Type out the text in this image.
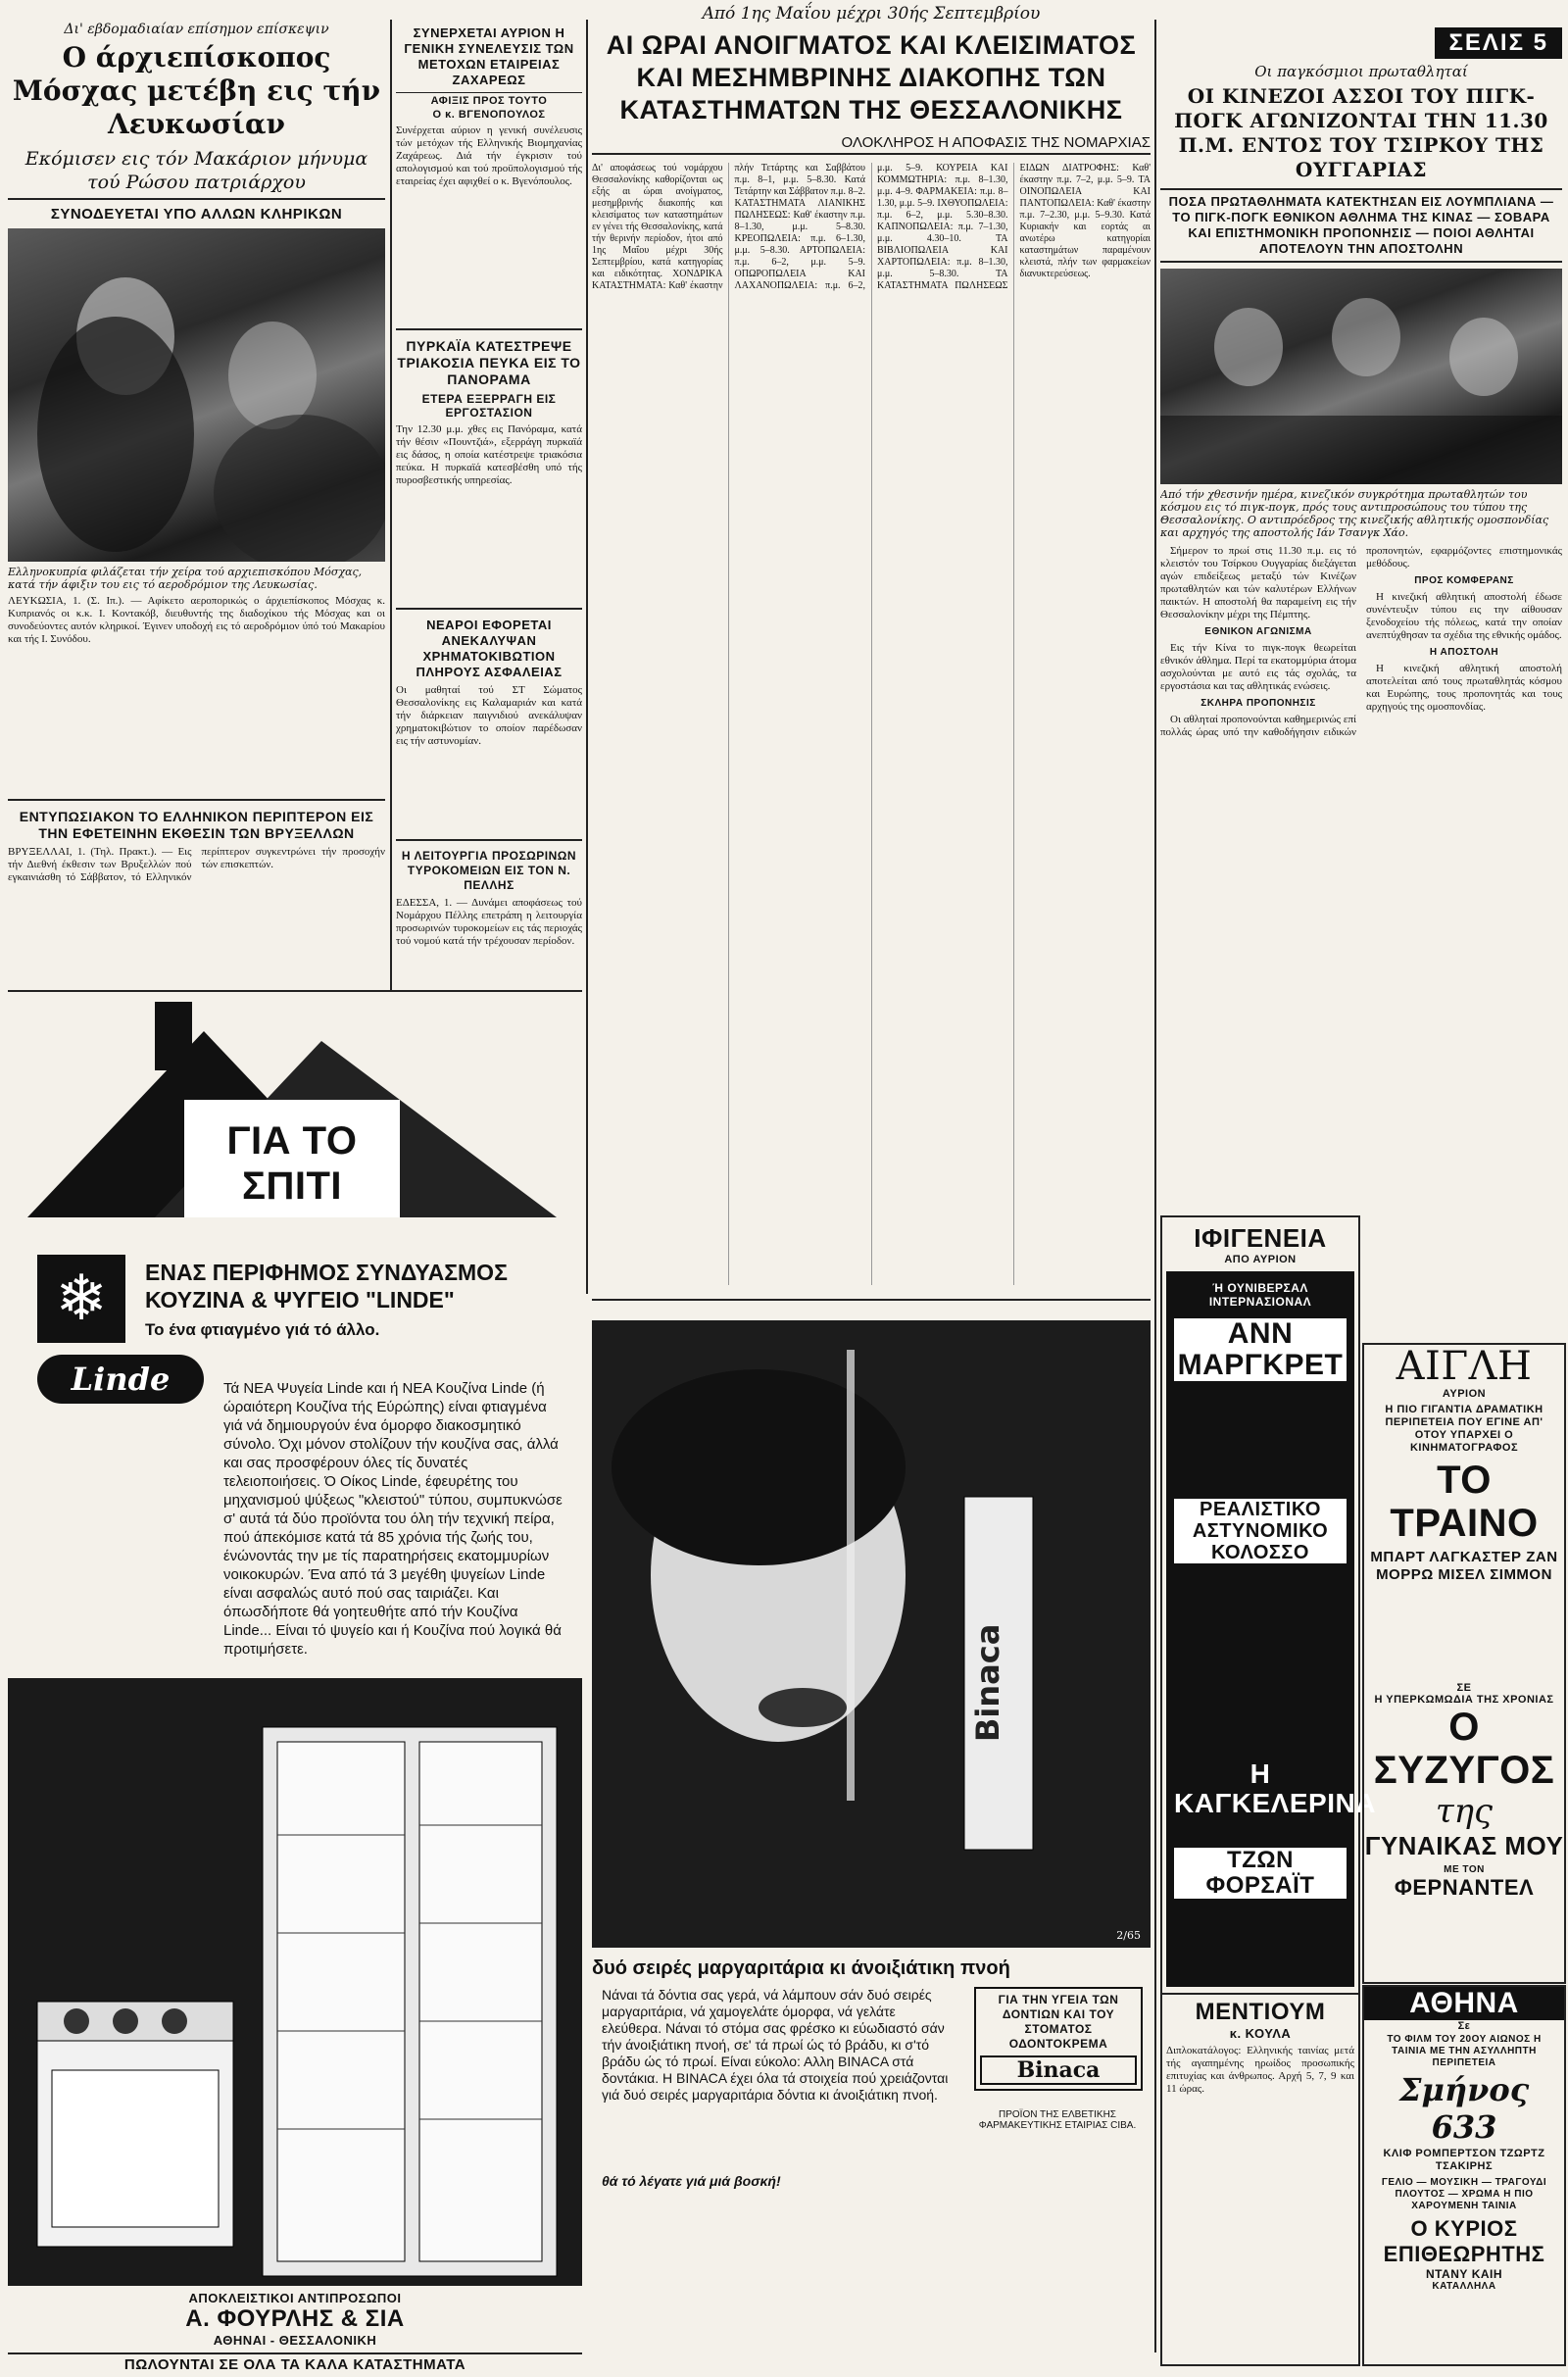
Δι' εβδομαδιαίαν επίσημον επίσκεψιν
Ο άρχιεπίσκοπος Μόσχας μετέβη εις τήν Λευκωσίαν
Εκόμισεν εις τόν Μακάριον μήνυμα τού Ρώσου πατριάρχου
ΣΥΝΟΔΕΥΕΤΑΙ ΥΠΟ ΑΛΛΩΝ ΚΛΗΡΙΚΩΝ
Ελληνοκυπρία φιλάζεται τήν χείρα τού αρχιεπισκόπου Μόσχας, κατά τήν άφιξιν του εις τό αεροδρόμιον της Λευκωσίας.
ΛΕΥΚΩΣΙΑ, 1. (Σ. Ιπ.). — Αφίκετο αεροπορικώς ο άρχιεπίσκοπος Μόσχας κ. Κυπριανός οι κ.κ. Ι. Κοντακόβ, διευθυντής της διαδοχίκου τής Μόσχας και οι συνοδεύοντες αυτόν κληρικοί. Έγινεν υποδοχή εις τό αεροδρόμιον ύπό τού Μακαρίου και τής Ι. Συνόδου.
ΕΝΤΥΠΩΣΙΑΚΟΝ ΤΟ ΕΛΛΗΝΙΚΟΝ ΠΕΡΙΠΤΕΡΟΝ ΕΙΣ ΤΗΝ ΕΦΕΤΕΙΝΗΝ ΕΚΘΕΣΙΝ ΤΩΝ ΒΡΥΞΕΛΛΩΝ
ΒΡΥΞΕΛΛΑΙ, 1. (Τηλ. Πρακτ.). — Εις τήν Διεθνή έκθεσιν των Βρυξελλών πού εγκαινιάσθη τό Σάββατον, τό Ελληνικόν περίπτερον συγκεντρώνει τήν προσοχήν τών επισκεπτών.
ΣΥΝΕΡΧΕΤΑΙ ΑΥΡΙΟΝ Η ΓΕΝΙΚΗ ΣΥΝΕΛΕΥΣΙΣ ΤΩΝ ΜΕΤΟΧΩΝ ΕΤΑΙΡΕΙΑΣ ΖΑΧΑΡΕΩΣ
ΑΦΙΞΙΣ ΠΡΟΣ ΤΟΥΤΟ
Ο κ. ΒΓΕΝΟΠΟΥΛΟΣ
Συνέρχεται αύριον η γενική συνέλευσις τών μετόχων τής Ελληνικής Βιομηχανίας Ζαχάρεως. Διά τήν έγκρισιν τού απολογισμού και τού προϋπολογισμού τής εταιρείας έχει αφιχθεί ο κ. Βγενόπουλος.
ΠΥΡΚΑΪΑ ΚΑΤΕΣΤΡΕΨΕ ΤΡΙΑΚΟΣΙΑ ΠΕΥΚΑ ΕΙΣ ΤΟ ΠΑΝΟΡΑΜΑ
ΕΤΕΡΑ ΕΞΕΡΡΑΓΗ ΕΙΣ ΕΡΓΟΣΤΑΣΙΟΝ
Την 12.30 μ.μ. χθες εις Πανόραμα, κατά τήν θέσιν «Πουντζιά», εξερράγη πυρκαϊά εις δάσος, η οποία κατέστρεψε τριακόσια πεύκα. Η πυρκαϊά κατεσβέσθη υπό τής πυροσβεστικής υπηρεσίας.
ΝΕΑΡΟΙ ΕΦΟΡΕΤΑΙ ΑΝΕΚΑΛΥΨΑΝ ΧΡΗΜΑΤΟΚΙΒΩΤΙΟΝ ΠΛΗΡΟΥΣ ΑΣΦΑΛΕΙΑΣ
Οι μαθηταί τού ΣΤ Σώματος Θεσσαλονίκης εις Καλαμαριάν και κατά τήν διάρκειαν παιγνιδιού ανεκάλυψαν χρηματοκιβώτιον το οποίον παρέδωσαν εις τήν αστυνομίαν.
Η ΛΕΙΤΟΥΡΓΙΑ ΠΡΟΣΩΡΙΝΩΝ ΤΥΡΟΚΟΜΕΙΩΝ ΕΙΣ ΤΟΝ Ν. ΠΕΛΛΗΣ
ΕΔΕΣΣΑ, 1. — Δυνάμει αποφάσεως τού Νομάρχου Πέλλης επετράπη η λειτουργία προσωρινών τυροκομείων εις τάς περιοχάς τού νομού κατά τήν τρέχουσαν περίοδον.
Από 1ης Μαΐου μέχρι 30ής Σεπτεμβρίου
ΑΙ ΩΡΑΙ ΑΝΟΙΓΜΑΤΟΣ ΚΑΙ ΚΛΕΙΣΙΜΑΤΟΣ ΚΑΙ ΜΕΣΗΜΒΡΙΝΗΣ ΔΙΑΚΟΠΗΣ ΤΩΝ ΚΑΤΑΣΤΗΜΑΤΩΝ ΤΗΣ ΘΕΣΣΑΛΟΝΙΚΗΣ
ΟΛΟΚΛΗΡΟΣ Η ΑΠΟΦΑΣΙΣ ΤΗΣ ΝΟΜΑΡΧΙΑΣ
Δι' αποφάσεως τού νομάρχου Θεσσαλονίκης καθορίζονται ως εξής αι ώραι ανοίγματος, μεσημβρινής διακοπής και κλεισίματος των καταστημάτων εν γένει τής Θεσσαλονίκης, κατά τήν θερινήν περίοδον, ήτοι από 1ης Μαΐου μέχρι 30ής Σεπτεμβρίου, κατά κατηγορίας και ειδικότητας. ΧΟΝΔΡΙΚΑ ΚΑΤΑΣΤΗΜΑΤΑ: Καθ' έκαστην πλήν Τετάρτης και Σαββάτου π.μ. 8–1, μ.μ. 5–8.30. Κατά Τετάρτην και Σάββατον π.μ. 8–2. ΚΑΤΑΣΤΗΜΑΤΑ ΛΙΑΝΙΚΗΣ ΠΩΛΗΣΕΩΣ: Καθ' έκαστην π.μ. 8–1.30, μ.μ. 5–8.30. ΚΡΕΟΠΩΛΕΙΑ: π.μ. 6–1.30, μ.μ. 5–8.30. ΑΡΤΟΠΩΛΕΙΑ: π.μ. 6–2, μ.μ. 5–9. ΟΠΩΡΟΠΩΛΕΙΑ ΚΑΙ ΛΑΧΑΝΟΠΩΛΕΙΑ: π.μ. 6–2, μ.μ. 5–9. ΚΟΥΡΕΙΑ ΚΑΙ ΚΟΜΜΩΤΗΡΙΑ: π.μ. 8–1.30, μ.μ. 4–9. ΦΑΡΜΑΚΕΙΑ: π.μ. 8–1.30, μ.μ. 5–9. ΙΧΘΥΟΠΩΛΕΙΑ: π.μ. 6–2, μ.μ. 5.30–8.30. ΚΑΠΝΟΠΩΛΕΙΑ: π.μ. 7–1.30, μ.μ. 4.30–10. ΤΑ ΒΙΒΛΙΟΠΩΛΕΙΑ ΚΑΙ ΧΑΡΤΟΠΩΛΕΙΑ: π.μ. 8–1.30, μ.μ. 5–8.30. ΤΑ ΚΑΤΑΣΤΗΜΑΤΑ ΠΩΛΗΣΕΩΣ ΕΙΔΩΝ ΔΙΑΤΡΟΦΗΣ: Καθ' έκαστην π.μ. 7–2, μ.μ. 5–9. ΤΑ ΟΙΝΟΠΩΛΕΙΑ ΚΑΙ ΠΑΝΤΟΠΩΛΕΙΑ: Καθ' έκαστην π.μ. 7–2.30, μ.μ. 5–9.30. Κατά Κυριακήν και εορτάς αι ανωτέρω κατηγορίαι καταστημάτων παραμένουν κλειστά, πλήν των φαρμακείων διανυκτερεύσεως.
ΣΕΛΙΣ 5
Οι παγκόσμιοι πρωταθληταί
ΟΙ ΚΙΝΕΖΟΙ ΑΣΣΟΙ ΤΟΥ ΠΙΓΚ-ΠΟΓΚ ΑΓΩΝΙΖΟΝΤΑΙ ΤΗΝ 11.30 Π.Μ. ΕΝΤΟΣ ΤΟΥ ΤΣΙΡΚΟΥ ΤΗΣ ΟΥΓΓΑΡΙΑΣ
ΠΟΣΑ ΠΡΩΤΑΘΛΗΜΑΤΑ ΚΑΤΕΚΤΗΣΑΝ ΕΙΣ ΛΟΥΜΠΛΙΑΝΑ — ΤΟ ΠΙΓΚ-ΠΟΓΚ ΕΘΝΙΚΟΝ ΑΘΛΗΜΑ ΤΗΣ ΚΙΝΑΣ — ΣΟΒΑΡΑ ΚΑΙ ΕΠΙΣΤΗΜΟΝΙΚΗ ΠΡΟΠΟΝΗΣΙΣ — ΠΟΙΟΙ ΑΘΛΗΤΑΙ ΑΠΟΤΕΛΟΥΝ ΤΗΝ ΑΠΟΣΤΟΛΗΝ
Από τήν χθεσινήν ημέρα, κινεζικόν συγκρότημα πρωταθλητών του κόσμου εις τό πιγκ-πογκ, πρός τους αντιπροσώπους του τύπου της Θεσσαλονίκης. Ο αντιπρόεδρος της κινεζικής αθλητικής ομοσπονδίας και αρχηγός της αποστολής Ιάν Τσανγκ Χάο.

Σήμερον το πρωί στις 11.30 π.μ. εις τό κλειστόν του Τσίρκου Ουγγαρίας διεξάγεται αγών επιδείξεως μεταξύ τών Κινέζων πρωταθλητών και τών καλυτέρων Ελλήνων παικτών. Η αποστολή θα παραμείνη εις τήν Θεσσαλονίκην μέχρι της Πέμπτης.

ΕΘΝΙΚΟΝ ΑΓΩΝΙΣΜΑ

Εις τήν Κίνα το πιγκ-πογκ θεωρείται εθνικόν άθλημα. Περί τα εκατομμύρια άτομα ασχολούνται με αυτό εις τάς σχολάς, τα εργοστάσια και τας αθλητικάς ενώσεις.

ΣΚΛΗΡΑ ΠΡΟΠΟΝΗΣΙΣ

Οι αθληταί προπονούνται καθημερινώς επί πολλάς ώρας υπό την καθοδήγησιν ειδικών προπονητών, εφαρμόζοντες επιστημονικάς μεθόδους.

ΠΡΟΣ ΚΟΜΦΕΡΑΝΣ

Η κινεζική αθλητική αποστολή έδωσε συνέντευξιν τύπου εις την αίθουσαν ξενοδοχείου τής πόλεως, κατά την οποίαν ανεπτύχθησαν τα σχέδια της εθνικής ομάδος.

Η ΑΠΟΣΤΟΛΗ

Η κινεζική αθλητική αποστολή αποτελείται από τους πρωταθλητάς κόσμου και Ευρώπης, τους προπονητάς και τους αρχηγούς της ομοσπονδίας.

ΓΙΑ ΤΟ
ΣΠΙΤΙ
❄	ΕΝΑΣ ΠΕΡΙΦΗΜΟΣ ΣΥΝΔΥΑΣΜΟΣ ΚΟΥΖΙΝΑ & ΨΥΓΕΙΟ "LINDE"
Το ένα φτιαγμένο γιά τό άλλο.
Linde	Τά ΝΕΑ Ψυγεία Linde και ή ΝΕΑ Κουζίνα Linde (ή ώραιότερη Κουζίνα τής Εύρώπης) είναι φτιαγμένα γιά νά δημιουργούν ένα όμορφο διακοσμητικό σύνολο. Όχι μόνον στολίζουν τήν κουζίνα σας, άλλά και σας προσφέρουν όλες τίς δυνατές τελειοποιήσεις. Ό Οίκος Linde, έφευρέτης του μηχανισμού ψύξεως "κλειστού" τύπου, συμπυκνώσε σ' αυτά τά δύο προϊόντα του όλη τήν τεχνική πείρα, πού άπεκόμισε κατά τά 85 χρόνια τής ζωής του, ένώνοντάς την με τίς παρατηρήσεις εκατομμυρίων νοικοκυρών. Ένα από τά 3 μεγέθη ψυγείων Linde είναι ασφαλώς αυτό πού σας ταιριάζει. Και όπωσδήποτε θά γοητευθήτε από τήν Κουζίνα Linde... Είναι τό ψυγείο και ή Κουζίνα πού λογικά θά προτιμήσετε.
ΑΠΟΚΛΕΙΣΤΙΚΟΙ ΑΝΤΙΠΡΟΣΩΠΟΙ
Α. ΦΟΥΡΛΗΣ & ΣΙΑ
ΑΘΗΝΑΙ - ΘΕΣΣΑΛΟΝΙΚΗ
ΠΩΛΟΥΝΤΑΙ ΣΕ ΟΛΑ ΤΑ ΚΑΛΑ ΚΑΤΑΣΤΗΜΑΤΑ
Binaca
2/65
δυό σειρές μαργαριτάρια κι άνοιξιάτικη πνοή
Νάναι τά δόντια σας γερά, νά λάμπουν σάν δυό σειρές μαργαριτάρια, νά χαμογελάτε όμορφα, νά γελάτε ελεύθερα. Νάναι τό στόμα σας φρέσκο κι εύωδιαστό σάν τήν άνοιξιάτικη πνοή, σε' τά πρωί ώς τό βράδυ, κι σ'τό βράδυ ώς τό πρωί. Είναι εύκολο: Αλλη BINACA στά δοντάκια. Η BINACA έχει όλα τά στοιχεία πού χρειάζονται γιά δυό σειρές μαργαριτάρια δόντια κι άνοιξιάτικη πνοή.
θά τό λέγατε γιά μιά βοσκή!
ΓΙΑ ΤΗΝ ΥΓΕΙΑ ΤΩΝ ΔΟΝΤΙΩΝ ΚΑΙ ΤΟΥ ΣΤΟΜΑΤΟΣ ΟΔΟΝΤΟΚΡΕΜΑ
Binaca
ΠΡΟΪΟΝ ΤΗΣ ΕΛΒΕΤΙΚΗΣ ΦΑΡΜΑΚΕΥΤΙΚΗΣ ΕΤΑΙΡΙΑΣ CIBA.
ΙΦΙΓΕΝΕΙΑ
ΑΠΟ ΑΥΡΙΟΝ
Ή ΟΥΝΙΒΕΡΣΑΛ ΙΝΤΕΡΝΑΣΙΟΝΑΛ
ΑΝΝ ΜΑΡΓΚΡΕΤ
ΡΕΑΛΙΣΤΙΚΟ ΑΣΤΥΝΟΜΙΚΟ ΚΟΛΟΣΣΟ
Η ΚΑΓΚΕΛΕΡΙΝΑ
ΤΖΩΝ ΦΟΡΣΑΪΤ
ΜΕΝΤΙΟΥΜ
κ. ΚΟΥΛΑ
Διπλοκατάλογος: Ελληνικής ταινίας μετά τής αγαπημένης ηρωίδος προσωπικής επιτυχίας και άνθρωπος. Αρχή 5, 7, 9 και 11 ώρας.
ΑΙΓΛΗ
ΑΥΡΙΟΝ
Η ΠΙΟ ΓΙΓΑΝΤΙΑ ΔΡΑΜΑΤΙΚΗ ΠΕΡΙΠΕΤΕΙΑ ΠΟΥ ΕΓΙΝΕ ΑΠ' ΟΤΟΥ ΥΠΑΡΧΕΙ Ο ΚΙΝΗΜΑΤΟΓΡΑΦΟΣ
ΤΟ ΤΡΑΙΝΟ
ΜΠΑΡΤ ΛΑΓΚΑΣΤΕΡ ΖΑΝ ΜΟΡΡΩ ΜΙΣΕΛ ΣΙΜΜΟΝ
ΣΕ
Η ΥΠΕΡΚΩΜΩΔΙΑ ΤΗΣ ΧΡΟΝΙΑΣ
Ο ΣΥΖΥΓΟΣ
της
ΓΥΝΑΙΚΑΣ ΜΟΥ
ΜΕ ΤΟΝ
ΦΕΡΝΑΝΤΕΛ
ΑΘΗΝΑ
Σε
ΤΟ ΦΙΛΜ ΤΟΥ 20ΟΥ ΑΙΩΝΟΣ Η ΤΑΙΝΙΑ ΜΕ ΤΗΝ ΑΣΥΛΛΗΠΤΗ ΠΕΡΙΠΕΤΕΙΑ
Σμήνος 633
ΚΛΙΦ ΡΟΜΠΕΡΤΣΟΝ ΤΖΩΡΤΖ ΤΣΑΚΙΡΗΣ
ΓΕΛΙΟ — ΜΟΥΣΙΚΗ — ΤΡΑΓΟΥΔΙ ΠΛΟΥΤΟΣ — ΧΡΩΜΑ Η ΠΙΟ ΧΑΡΟΥΜΕΝΗ ΤΑΙΝΙΑ
Ο ΚΥΡΙΟΣ ΕΠΙΘΕΩΡΗΤΗΣ
ΝΤΑΝΥ ΚΑΙΗ
ΚΑΤΑΛΛΗΛΑ
